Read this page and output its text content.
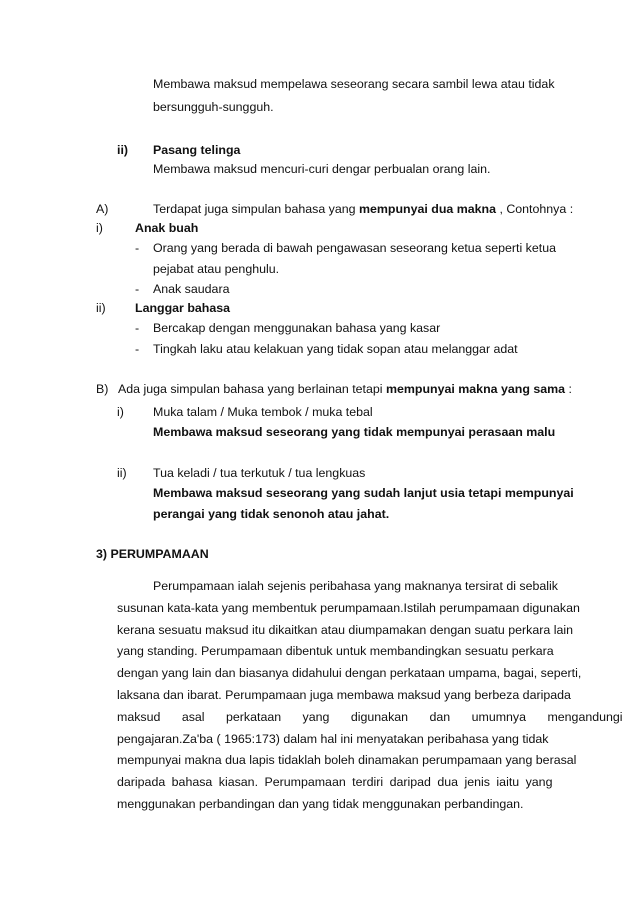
Membawa maksud mempelawa seseorang secara sambil lewa atau tidak
bersungguh-sungguh.
ii) Pasang telinga
Membawa maksud mencuri-curi dengar perbualan orang lain.
A)	Terdapat juga simpulan bahasa yang mempunyai dua makna , Contohnya :
i)	Anak buah
- Orang yang berada di bawah pengawasan seseorang ketua seperti ketua
pejabat atau penghulu.
- Anak saudara
ii) Langgar bahasa
- Bercakap dengan menggunakan bahasa yang kasar
- Tingkah laku atau kelakuan yang tidak sopan atau melanggar adat
B) Ada juga simpulan bahasa yang berlainan tetapi mempunyai makna yang sama :
i) Muka talam / Muka tembok / muka tebal
Membawa maksud seseorang yang tidak mempunyai perasaan malu
ii) Tua keladi / tua terkutuk / tua lengkuas
Membawa maksud seseorang yang sudah lanjut usia tetapi mempunyai
perangai yang tidak senonoh atau jahat.
3) PERUMPAMAAN
Perumpamaan ialah sejenis peribahasa yang maknanya tersirat di sebalik
susunan kata-kata yang membentuk perumpamaan.Istilah perumpamaan digunakan
kerana sesuatu maksud itu dikaitkan atau diumpamakan dengan suatu perkara lain
yang standing. Perumpamaan dibentuk untuk membandingkan sesuatu perkara
dengan yang lain dan biasanya didahului dengan perkataan umpama, bagai, seperti,
laksana dan ibarat. Perumpamaan juga membawa maksud yang berbeza daripada
maksud asal perkataan yang digunakan dan umumnya mengandungi
pengajaran.Za'ba ( 1965:173) dalam hal ini menyatakan peribahasa yang tidak
mempunyai makna dua lapis tidaklah boleh dinamakan perumpamaan yang berasal
daripada bahasa kiasan. Perumpamaan terdiri daripad dua jenis iaitu yang
menggunakan perbandingan dan yang tidak menggunakan perbandingan.
